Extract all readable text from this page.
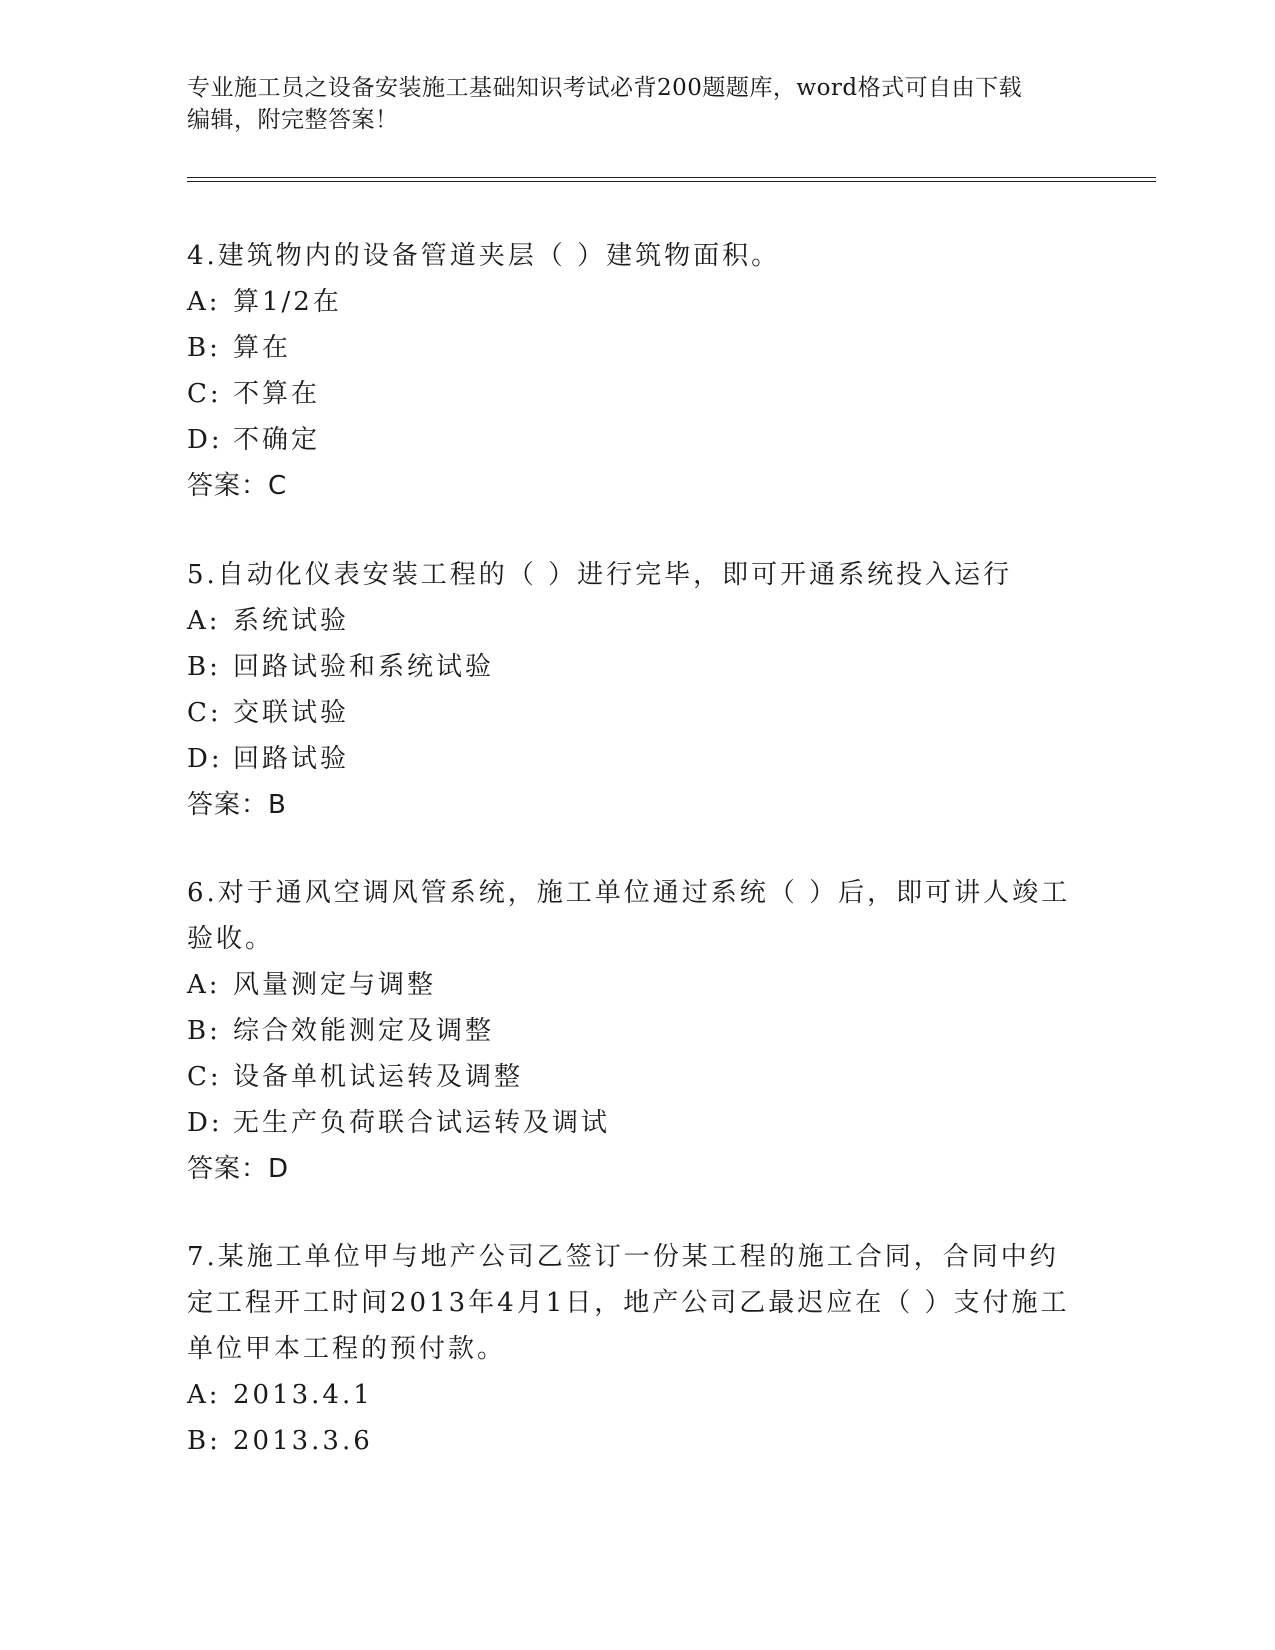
专业施工员之设备安装施工基础知识考试必背200题题库，word格式可自由下载
编辑，附完整答案！

4.建筑物内的设备管道夹层（ ）建筑物面积。

A: 算1/2在

B: 算在

C: 不算在

D: 不确定

答案：C

5.自动化仪表安装工程的（ ）进行完毕，即可开通系统投入运行

A: 系统试验

B: 回路试验和系统试验

C: 交联试验

D: 回路试验

答案：B

6.对于通风空调风管系统，施工单位通过系统（ ）后，即可讲人竣工验收。

A: 风量测定与调整

B: 综合效能测定及调整

C: 设备单机试运转及调整

D: 无生产负荷联合试运转及调试

答案：D

7.某施工单位甲与地产公司乙签订一份某工程的施工合同，合同中约定工程开工时间2013年4月1日，地产公司乙最迟应在（ ）支付施工单位甲本工程的预付款。

A: 2013.4.1

B: 2013.3.6
